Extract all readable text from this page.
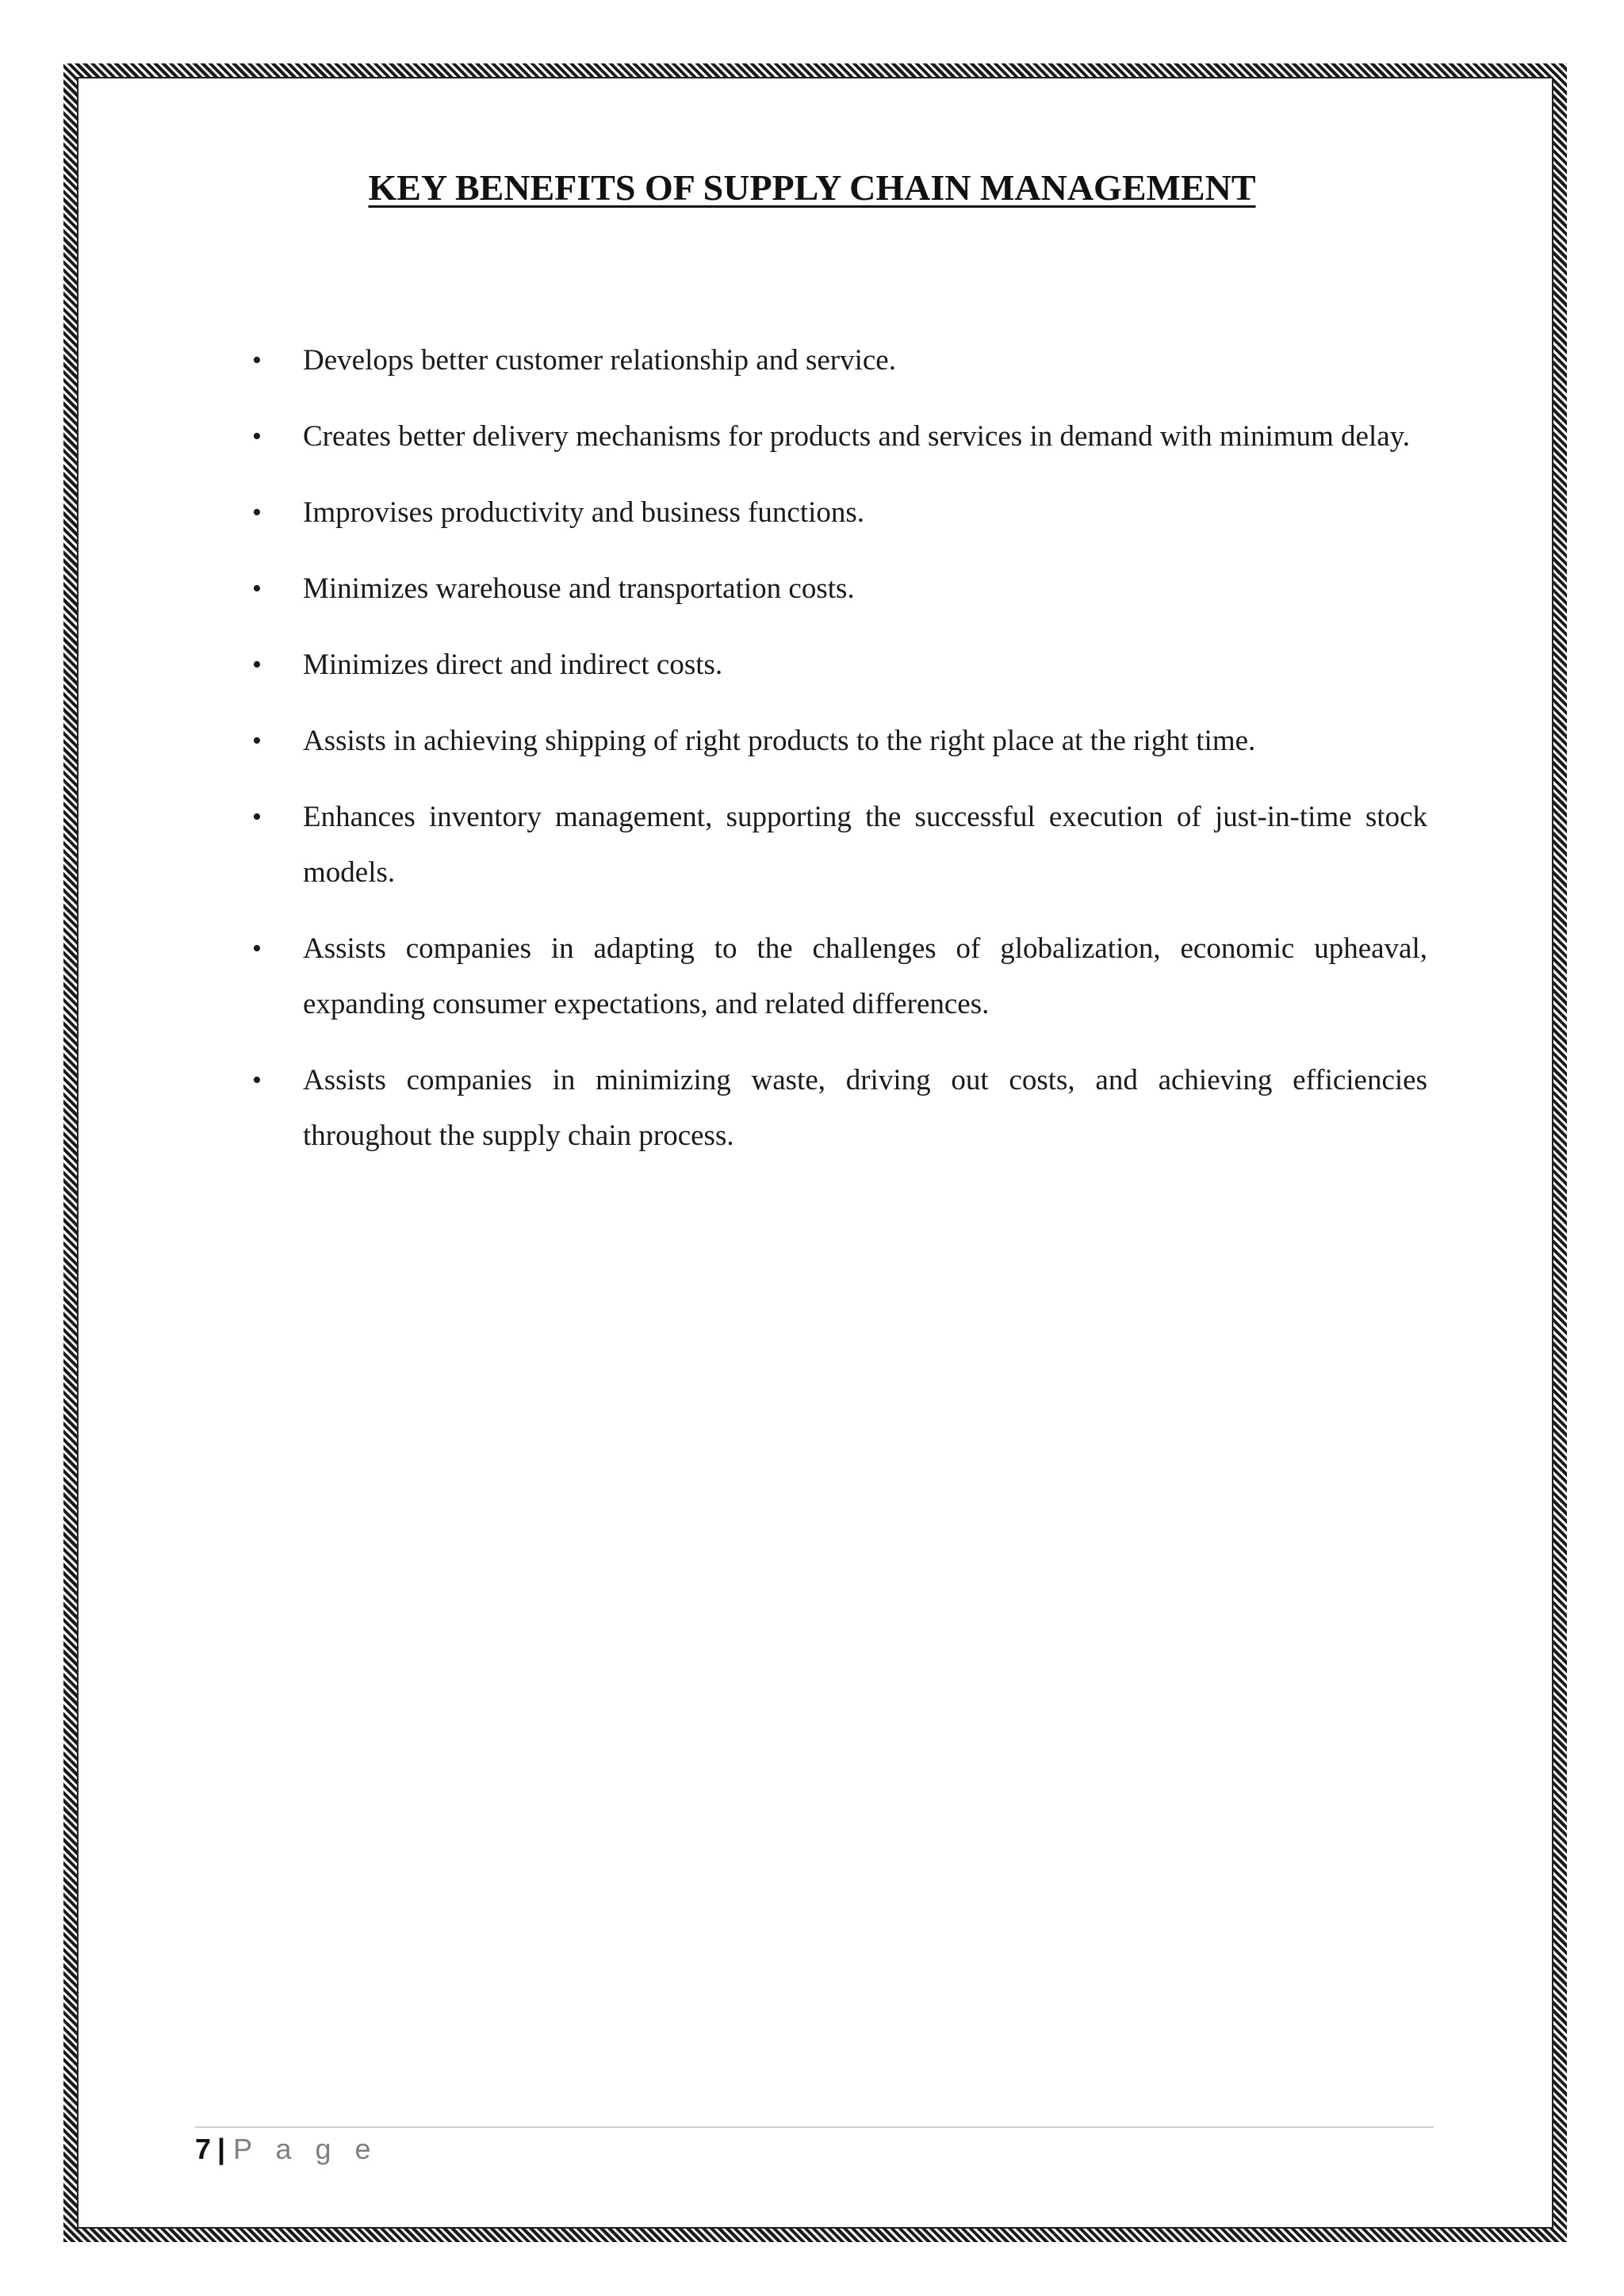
KEY BENEFITS OF SUPPLY CHAIN MANAGEMENT
• Develops better customer relationship and service.
• Creates better delivery mechanisms for products and services in demand with minimum delay.
• Improvises productivity and business functions.
• Minimizes warehouse and transportation costs.
• Minimizes direct and indirect costs.
• Assists in achieving shipping of right products to the right place at the right time.
• Enhances inventory management, supporting the successful execution of just-in-time stock models.
• Assists companies in adapting to the challenges of globalization, economic upheaval, expanding consumer expectations, and related differences.
• Assists companies in minimizing waste, driving out costs, and achieving efficiencies throughout the supply chain process.
7 | P a g e
